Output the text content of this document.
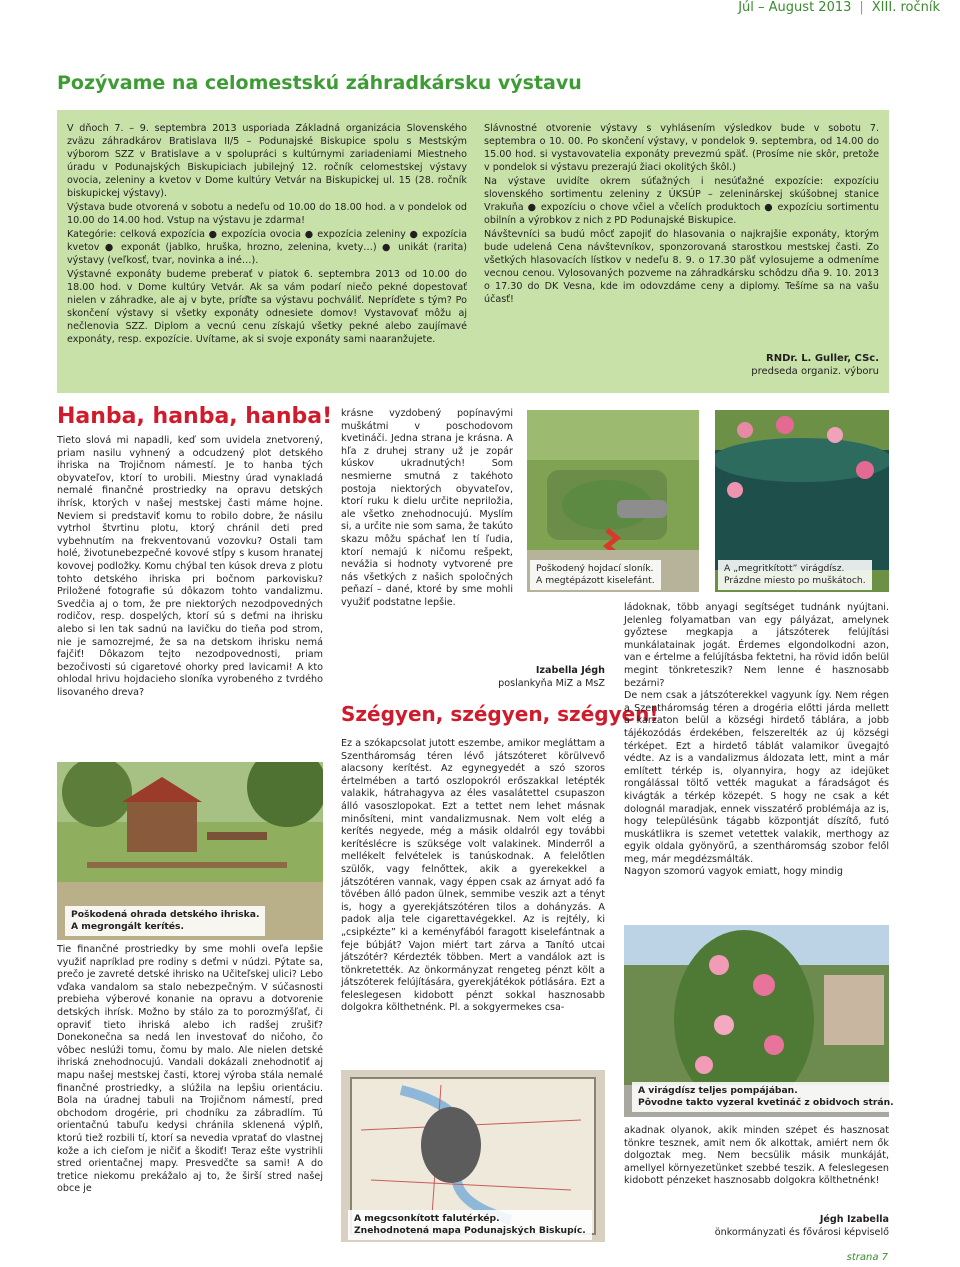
Júl – August 2013 | XIII. ročník
Pozývame na celomestskú záhradkársku výstavu

V dňoch 7. – 9. septembra 2013 usporiada Základná organizácia Slovenského zväzu záhradkárov Bratislava II/5 – Podunajské Biskupice spolu s Mestským výborom SZZ v Bratislave a v spolupráci s kultúrnymi zariadeniami Miestneho úradu v Podunajských Biskupiciach jubilejný 12. ročník celomestskej výstavy ovocia, zeleniny a kvetov v Dome kultúry Vetvár na Biskupickej ul. 15 (28. ročník biskupickej výstavy).

Výstava bude otvorená v sobotu a nedeľu od 10.00 do 18.00 hod. a v pondelok od 10.00 do 14.00 hod. Vstup na výstavu je zdarma!

Kategórie: celková expozícia ● expozícia ovocia ● expozícia zeleniny ● expozícia kvetov ● exponát (jablko, hruška, hrozno, zelenina, kvety…) ● unikát (rarita) výstavy (veľkosť, tvar, novinka a iné…).

Výstavné exponáty budeme preberať v piatok 6. septembra 2013 od 10.00 do 18.00 hod. v Dome kultúry Vetvár. Ak sa vám podarí niečo pekné dopestovať nielen v záhradke, ale aj v byte, príďte sa výstavu pochváliť. Nepríďete s tým? Po skončení výstavy si všetky exponáty odnesiete domov! Vystavovať môžu aj nečlenovia SZZ. Diplom a vecnú cenu získajú všetky pekné alebo zaujímavé exponáty, resp. expozície. Uvítame, ak si svoje exponáty sami naaranžujete.

Slávnostné otvorenie výstavy s vyhlásením výsledkov bude v sobotu 7. septembra o 10. 00. Po skončení výstavy, v pondelok 9. septembra, od 14.00 do 15.00 hod. si vystavovatelia exponáty prevezmú späť. (Prosíme nie skôr, pretože v pondelok si výstavu prezerajú žiaci okolitých škôl.)

Na výstave uvidíte okrem súťažných i nesúťažné expozície: expozíciu slovenského sortimentu zeleniny z ÚKSÚP – zeleninárskej skúšobnej stanice Vrakuňa ● expozíciu o chove včiel a včelích produktoch ● expozíciu sortimentu obilnín a výrobkov z nich z PD Podunajské Biskupice.

Návštevníci sa budú môcť zapojiť do hlasovania o najkrajšie exponáty, ktorým bude udelená Cena návštevníkov, sponzorovaná starostkou mestskej časti. Zo všetkých hlasovacích lístkov v nedeľu 8. 9. o 17.30 päť vylosujeme a odmeníme vecnou cenou. Vylosovaných pozveme na záhradkársku schôdzu dňa 9. 10. 2013 o 17.30 do DK Vesna, kde im odovzdáme ceny a diplomy. Tešíme sa na vašu účasť!

RNDr. L. Guller, CSc.
predseda organiz. výboru
Hanba, hanba, hanba!
Tieto slová mi napadli, keď som uvidela znetvorený, priam nasilu vyhnený a odcudzený plot detského ihriska na Trojičnom námestí. Je to hanba tých obyvateľov, ktorí to urobili. Miestny úrad vynakladá nemalé finančné prostriedky na opravu detských ihrísk, ktorých v našej mestskej časti máme hojne. Neviem si predstaviť komu to robilo dobre, že násilu vytrhol štvrtinu plotu, ktorý chránil deti pred vybehnutím na frekventovanú vozovku? Ostali tam holé, životunebezpečné kovové stĺpy s kusom hranatej kovovej podložky. Komu chýbal ten kúsok dreva z plotu tohto detského ihriska pri bočnom parkovisku? Priložené fotografie sú dôkazom tohto vandalizmu. Svedčia aj o tom, že pre niektorých nezodpovedných rodičov, resp. dospelých, ktorí sú s deťmi na ihrisku alebo si len tak sadnú na lavičku do tieňa pod strom, nie je samozrejmé, že sa na detskom ihrisku nemá fajčiť! Dôkazom tejto nezodpovednosti, priam bezočivosti sú cigaretové ohorky pred lavicami! A kto ohlodal hrivu hojdacieho sloníka vyrobeného z tvrdého lisovaného dreva?
krásne vyzdobený popínavými muškátmi v poschodovom kvetináči. Jedna strana je krásna. A hľa z druhej strany už je zopár kúskov ukradnutých! Som nesmierne smutná z takéhoto postoja niektorých obyvateľov, ktorí ruku k dielu určite nepriložia, ale všetko znehodnocujú. Myslím si, a určite nie som sama, že takúto skazu môžu spáchať len tí ľudia, ktorí nemajú k ničomu rešpekt, nevážia si hodnoty vytvorené pre nás všetkých z našich spoločných peňazí – dané, ktoré by sme mohli využiť podstatne lepšie.
Izabella Jégh
poslankyňa MiZ a MsZ
Poškodená ohrada detského ihriska.
A megrongált kerítés.
Tie finančné prostriedky by sme mohli oveľa lepšie využiť napríklad pre rodiny s deťmi v núdzi. Pýtate sa, prečo je zavreté detské ihrisko na Učiteľskej ulici? Lebo vďaka vandalom sa stalo nebezpečným. V súčasnosti prebieha výberové konanie na opravu a dotvorenie detských ihrísk. Možno by stálo za to porozmýšľať, či opraviť tieto ihriská alebo ich radšej zrušiť? Donekonečna sa nedá len investovať do ničoho, čo vôbec neslúži tomu, čomu by malo. Ale nielen detské ihriská znehodnocujú. Vandali dokázali znehodnotiť aj mapu našej mestskej časti, ktorej výroba stála nemalé finančné prostriedky, a slúžila na lepšiu orientáciu. Bola na úradnej tabuli na Trojičnom námestí, pred obchodom drogérie, pri chodníku za zábradlím. Tú orientačnú tabuľu kedysi chránila sklenená výplň, ktorú tiež rozbili tí, ktorí sa nevedia vpratať do vlastnej kože a ich cieľom je ničiť a škodiť! Teraz ešte vystrihli stred orientačnej mapy. Presvedčte sa sami! A do tretice niekomu prekážalo aj to, že širší stred našej obce je
Poškodený hojdací sloník.
A megtépázott kiselefánt.
A „megritkított” virágdísz.
Prázdne miesto po muškátoch.
Szégyen, szégyen, szégyen!
Ez a szókapcsolat jutott eszembe, amikor megláttam a Szentháromság téren lévő játszóteret körülvevő alacsony kerítést. Az egynegyedét a szó szoros értelmében a tartó oszlopokról erőszakkal letépték valakik, hátrahagyva az éles vasalátettel csupaszon álló vasoszlopokat. Ezt a tettet nem lehet másnak minősíteni, mint vandalizmusnak. Nem volt elég a kerítés negyede, még a másik oldalról egy további kerítéslécre is szüksége volt valakinek. Minderről a mellékelt felvételek is tanúskodnak. A felelőtlen szülők, vagy felnőttek, akik a gyerekekkel a játszótéren vannak, vagy éppen csak az árnyat adó fa tövében álló padon ülnek, semmibe veszik azt a tényt is, hogy a gyerekjátszótéren tilos a dohányzás. A padok alja tele cigarettavégekkel. Az is rejtély, ki „csipkézte” ki a keményfából faragott kiselefántnak a feje búbját? Vajon miért tart zárva a Tanító utcai játszótér? Kérdezték többen. Mert a vandálok azt is tönkretették. Az önkormányzat rengeteg pénzt költ a játszóterek felújítására, gyerekjátékok pótlására. Ezt a feleslegesen kidobott pénzt sokkal hasznosabb dolgokra költhetnénk. Pl. a sokgyermekes csa-
ládoknak, több anyagi segítséget tudnánk nyújtani. Jelenleg folyamatban van egy pályázat, amelynek győztese megkapja a játszóterek felújítási munkálatainak jogát. Érdemes elgondolkodni azon, van e értelme a felújításba fektetni, ha rövid időn belül megint tönkreteszik? Nem lenne é hasznosabb bezárni?
De nem csak a játszóterekkel vagyunk így. Nem régen a Szentháromság téren a drogéria előtti járda mellett a karzaton belül a községi hirdető táblára, a jobb tájékozódás érdekében, felszerelték az új községi térképet. Ezt a hirdető táblát valamikor üvegajtó védte. Az is a vandalizmus áldozata lett, mint a már említett térkép is, olyannyira, hogy az idejüket rongálással töltő vették magukat a fáradságot és kivágták a térkép közepét. S hogy ne csak a két dolognál maradjak, ennek visszatérő problémája az is, hogy településünk tágabb központját díszítő, futó muskátlikra is szemet vetettek valakik, merthogy az egyik oldala gyönyörű, a szentháromság szobor felől meg, már megdézsmálták.
Nagyon szomorú vagyok emiatt, hogy mindig
A megcsonkított falutérkép.
Znehodnotená mapa Podunajských Biskupíc.
A virágdísz teljes pompájában.
Pôvodne takto vyzeral kvetináč z obidvoch strán.
akadnak olyanok, akik minden szépet és hasznosat tönkre tesznek, amit nem ők alkottak, amiért nem ők dolgoztak meg. Nem becsülik másik munkáját, amellyel környezetünket szebbé teszik. A feleslegesen kidobott pénzeket hasznosabb dolgokra költhetnénk!
Jégh Izabella
önkormányzati és fővárosi képviselő
strana 7
